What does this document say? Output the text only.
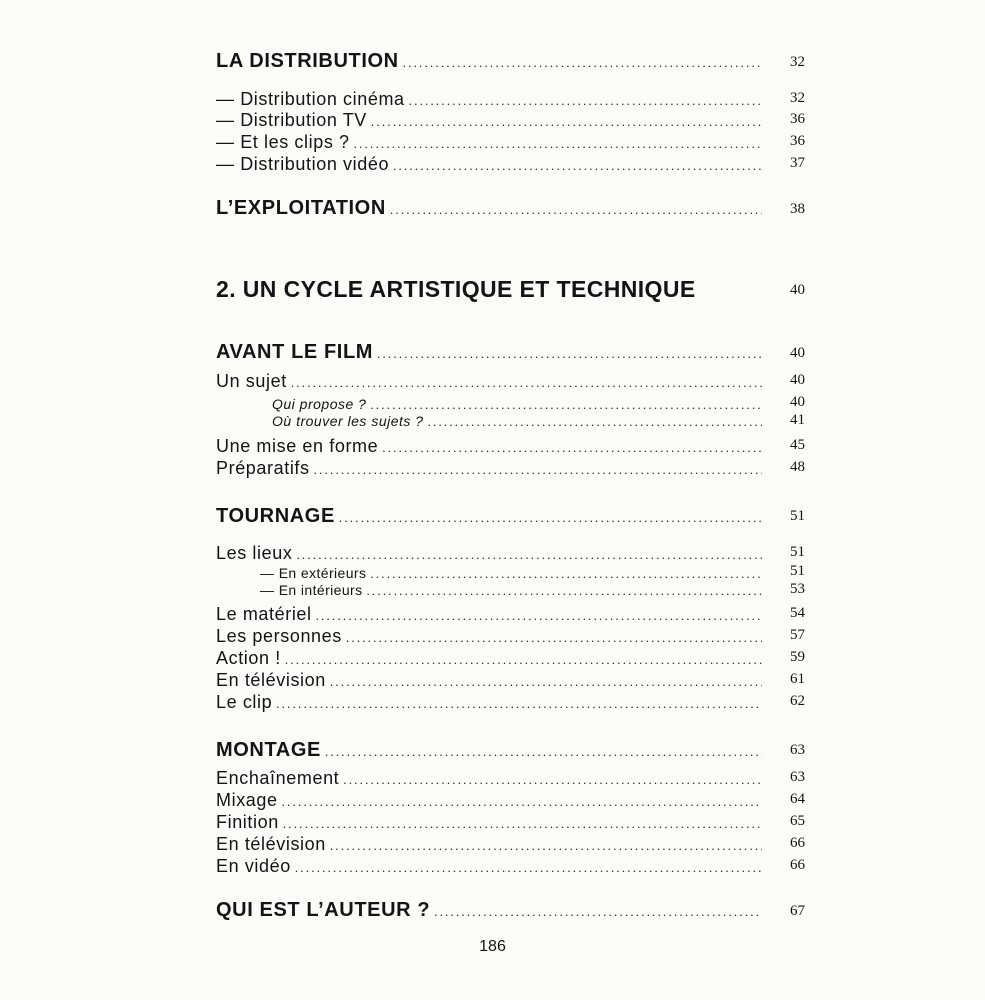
LA DISTRIBUTION .....	32
— Distribution cinéma .....	32
— Distribution TV .....	36
— Et les clips ? .....	36
— Distribution vidéo .....	37
L’EXPLOITATION .....	38
2. UN CYCLE ARTISTIQUE ET TECHNIQUE	40
AVANT LE FILM .....	40
Un sujet .....	40
Qui propose ? .....	40
Où trouver les sujets ? .....	41
Une mise en forme .....	45
Préparatifs .....	48
TOURNAGE .....	51
Les lieux .....	51
— En extérieurs .....	51
— En intérieurs .....	53
Le matériel .....	54
Les personnes .....	57
Action ! .....	59
En télévision .....	61
Le clip .....	62
MONTAGE .....	63
Enchaînement .....	63
Mixage .....	64
Finition .....	65
En télévision .....	66
En vidéo .....	66
QUI EST L’AUTEUR ? .....	67
186
